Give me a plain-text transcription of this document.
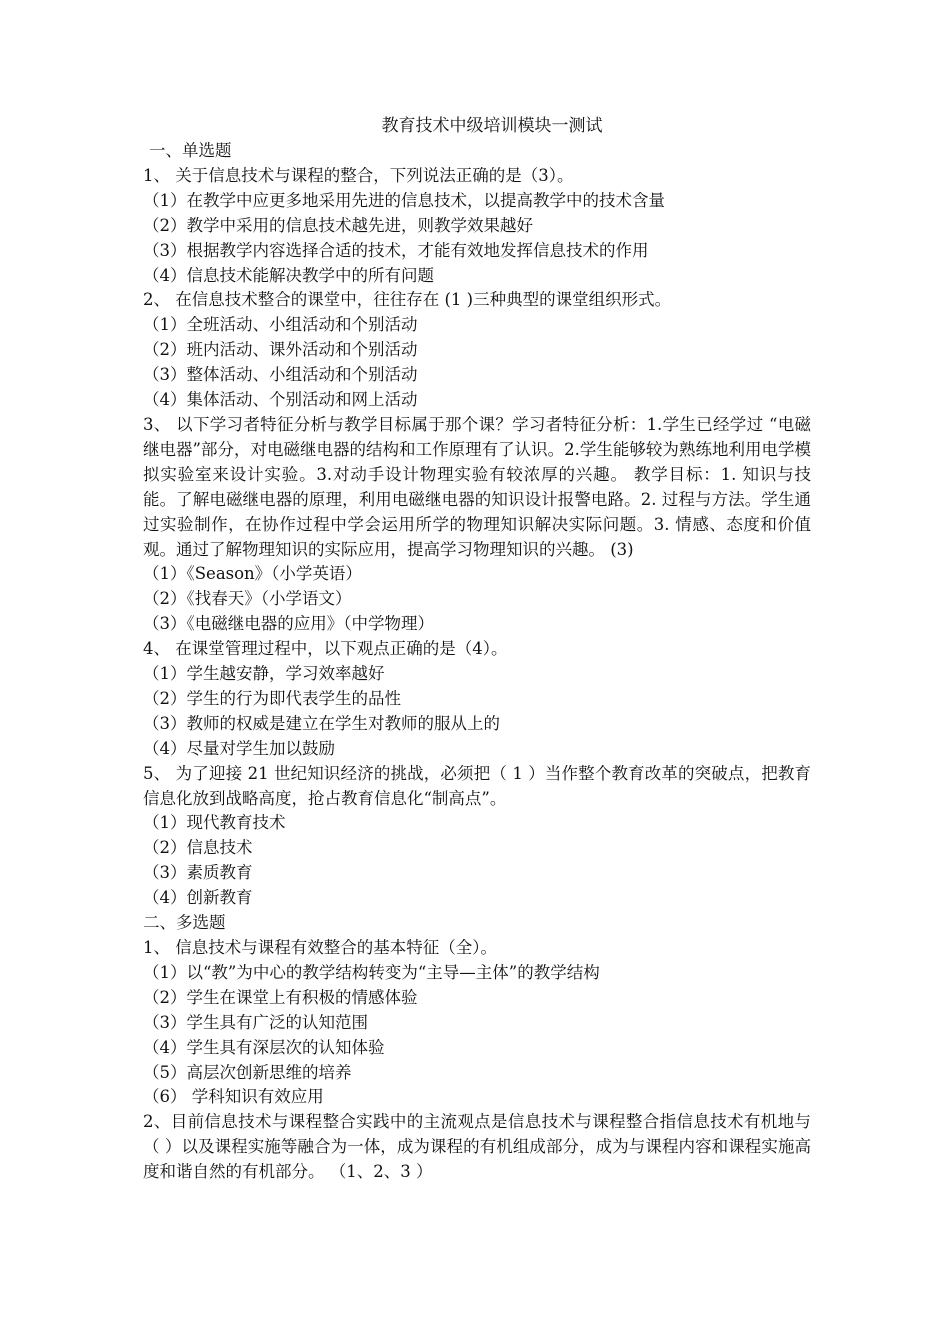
教育技术中级培训模块一测试
一、单选题
1、 关于信息技术与课程的整合，下列说法正确的是（3）。
（1）在教学中应更多地采用先进的信息技术，以提高教学中的技术含量
（2）教学中采用的信息技术越先进，则教学效果越好
（3）根据教学内容选择合适的技术，才能有效地发挥信息技术的作用
（4）信息技术能解决教学中的所有问题
2、 在信息技术整合的课堂中，往往存在 (1 )三种典型的课堂组织形式。
（1）全班活动、小组活动和个别活动
（2）班内活动、课外活动和个别活动
（3）整体活动、小组活动和个别活动
（4）集体活动、个别活动和网上活动
3、 以下学习者特征分析与教学目标属于那个课？学习者特征分析：1.学生已经学过 “电磁继电器”部分，对电磁继电器的结构和工作原理有了认识。2.学生能够较为熟练地利用电学模拟实验室来设计实验。3.对动手设计物理实验有较浓厚的兴趣。 教学目标：1. 知识与技能。了解电磁继电器的原理，利用电磁继电器的知识设计报警电路。2. 过程与方法。学生通过实验制作，在协作过程中学会运用所学的物理知识解决实际问题。3. 情感、态度和价值观。通过了解物理知识的实际应用，提高学习物理知识的兴趣。 (3)
（1）《Season》（小学英语）
（2）《找春天》（小学语文）
（3）《电磁继电器的应用》（中学物理）
4、 在课堂管理过程中，以下观点正确的是（4）。
（1）学生越安静，学习效率越好
（2）学生的行为即代表学生的品性
（3）教师的权威是建立在学生对教师的服从上的
（4）尽量对学生加以鼓励
5、 为了迎接 21 世纪知识经济的挑战，必须把（ 1 ）当作整个教育改革的突破点，把教育信息化放到战略高度，抢占教育信息化“制高点”。
（1）现代教育技术
（2）信息技术
（3）素质教育
（4）创新教育
二、多选题
1、 信息技术与课程有效整合的基本特征（全）。
（1）以“教”为中心的教学结构转变为“主导—主体”的教学结构
（2）学生在课堂上有积极的情感体验
（3）学生具有广泛的认知范围
（4）学生具有深层次的认知体验
（5）高层次创新思维的培养
（6） 学科知识有效应用
2、目前信息技术与课程整合实践中的主流观点是信息技术与课程整合指信息技术有机地与（ ）以及课程实施等融合为一体，成为课程的有机组成部分，成为与课程内容和课程实施高度和谐自然的有机部分。 （1、2、3 ）
